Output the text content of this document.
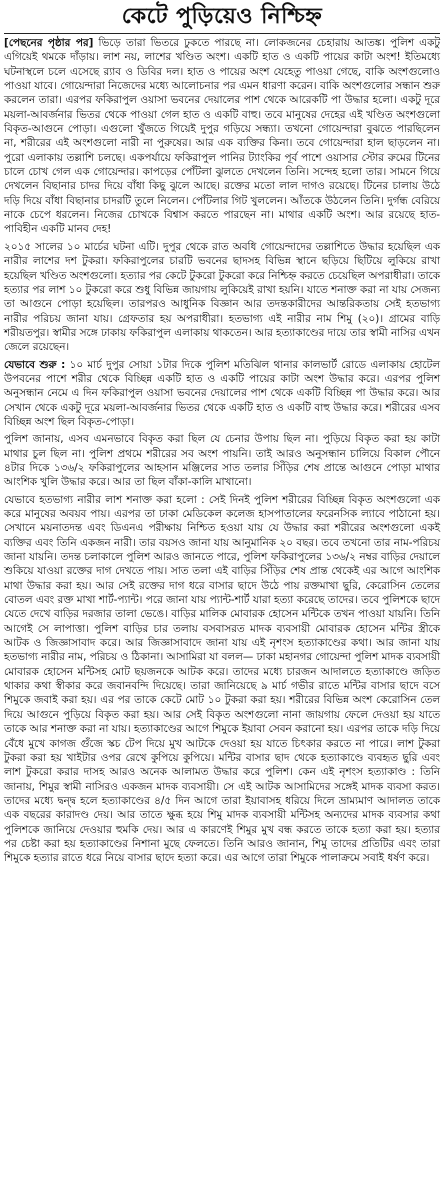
কেটে পুড়িয়েও নিশ্চিহ্ন

[পেছনের পৃষ্ঠার পর] ভিড়ে তারা ভিতরে ঢুকতে পারছে না। লোকজনের চেহারায় আতঙ্ক। পুলিশ একটু এগিয়েই থমকে দাঁড়ায়। লাশ নয়, লাশের খণ্ডিত অংশ। একটি হাত ও একটি পায়ের কাটা অংশ! ইতিমধ্যে ঘটনাস্থলে চলে এসেছে র‍্যাব ও ডিবির দল। হাত ও পায়ের অংশ যেহেতু পাওয়া গেছে, বাকি অংশগুলোও পাওয়া যাবে। গোয়েন্দারা নিজেদের মধ্যে আলোচনার পর এমন ধারণা করেন। বাকি অংশগুলোর সন্ধান শুরু করলেন তারা। এরপর ফকিরাপুল ওয়াসা ভবনের দেয়ালের পাশ থেকে আরেকটি পা উদ্ধার হলো। একটু দূরে ময়লা-আবর্জনার ভিতর থেকে পাওয়া গেল হাত ও একটি বাহু। তবে মানুষের দেহের এই খণ্ডিত অংশগুলো বিকৃত-আগুনে পোড়া। এগুলো খুঁজতে গিয়েই দুপুর গড়িয়ে সন্ধ্যা। তখনো গোয়েন্দারা বুঝতে পারছিলেন না, শরীরের এই অংশগুলো নারী না পুরুষের। আর এক ব্যক্তির কিনা। তবে গোয়েন্দারা হাল ছাড়লেন না। পুরো এলাকায় তল্লাশি চলছে। একপর্যায়ে ফকিরাপুল পানির ট্যাংকির পূর্ব পাশে ওয়াসার স্টোর রুমের টিনের চালে চোখ গেল এক গোয়েন্দার। কাপড়ের পোঁটলা ঝুলতে দেখলেন তিনি। সন্দেহ হলো তার। সামনে গিয়ে দেখলেন বিছানার চাদর দিয়ে বাঁধা কিছু ঝুলে আছে। রক্তের মতো লাল দাগও রয়েছে। টিনের চালায় উঠে দড়ি দিয়ে বাঁধা বিছানার চাদরটি তুলে নিলেন। পোঁটলার গিট খুললেন। আঁতকে উঠলেন তিনি। দুর্গন্ধ বেরিয়ে নাকে চেপে ধরলেন। নিজের চোখকে বিশ্বাস করতে পারছেন না। মাথার একটি অংশ। আর রয়েছে হাত-পাবিহীন একটি মানব দেহ!

২০১৫ সালের ১০ মার্চের ঘটনা এটি। দুপুর থেকে রাত অবধি গোয়েন্দাদের তল্লাশিতে উদ্ধার হয়েছিল এক নারীর লাশের দশ টুকরা। ফকিরাপুলের চারটি ভবনের ছাদসহ বিভিন্ন স্থানে ছড়িয়ে ছিটিয়ে লুকিয়ে রাখা হয়েছিল খণ্ডিত অংশগুলো। হত্যার পর কেটে টুকরো টুকরো করে নিশ্চিহ্ন করতে চেয়েছিল অপরাধীরা। তাকে হত্যার পর লাশ ১০ টুকরো করে শুধু বিভিন্ন জায়গায় লুকিয়েই রাখা হয়নি। যাতে শনাক্ত করা না যায় সেজন্য তা আগুনে পোড়া হয়েছিল। তারপরও আধুনিক বিজ্ঞান আর তদন্তকারীদের আন্তরিকতায় সেই হতভাগ্য নারীর পরিচয় জানা যায়। গ্রেফতার হয় অপরাধীরা। হতভাগ্য এই নারীর নাম শিমু (২০)। গ্রামের বাড়ি শরীয়তপুর। স্বামীর সঙ্গে ঢাকায় ফকিরাপুল এলাকায় থাকতেন। আর হত্যাকাণ্ডের দায়ে তার স্বামী নাসির এখন জেলে রয়েছেন।

যেভাবে শুরু : ১০ মার্চ দুপুর সোয়া ১টার দিকে পুলিশ মতিঝিল থানার কালভার্ট রোডে এলাকায় হোটেল উপবনের পাশে শরীর থেকে বিচ্ছিন্ন একটি হাত ও একটি পায়ের কাটা অংশ উদ্ধার করে। এরপর পুলিশ অনুসন্ধান নেমে এ দিন ফকিরাপুল ওয়াসা ভবনের দেয়ালের পাশ থেকে একটি বিচ্ছিন্ন পা উদ্ধার করে। আর সেখান থেকে একটু দূরে ময়লা-আবর্জনার ভিতর থেকে একটি হাত ও একটি বাহু উদ্ধার করে। শরীরের এসব বিচ্ছিন্ন অংশ ছিল বিকৃত-পোড়া।

পুলিশ জানায়, এসব এমনভাবে বিকৃত করা ছিল যে চেনার উপায় ছিল না। পুড়িয়ে বিকৃত করা হয় কাটা মাথার চুল ছিল না। পুলিশ প্রথমে শরীরের সব অংশ পায়নি। তাই আরও অনুসন্ধান চালিয়ে বিকাল পৌনে ৪টার দিকে ১৩৬/২ ফকিরাপুলের আহসান মঞ্জিলের সাত তলার সিঁড়ির শেষ প্রান্তে আগুনে পোড়া মাথার আংশিক খুলি উদ্ধার করে। আর তা ছিল বাঁকা-কালি মাখানো।

যেভাবে হতভাগ্য নারীর লাশ শনাক্ত করা হলো : সেই দিনই পুলিশ শরীরের বিচ্ছিন্ন বিকৃত অংশগুলো এক করে মানুষের অবয়ব পায়। এরপর তা ঢাকা মেডিকেল কলেজ হাসপাতালের ফরেনসিক ল্যাবে পাঠানো হয়। সেখানে ময়নাতদন্ত এবং ডিএনএ পরীক্ষায় নিশ্চিত হওয়া যায় যে উদ্ধার করা শরীরের অংশগুলো একই ব্যক্তির এবং তিনি একজন নারী। তার বয়সও জানা যায় আনুমানিক ২০ বছর। তবে তখনো তার নাম-পরিচয় জানা যায়নি। তদন্ত চলাকালে পুলিশ আরও জানতে পারে, পুলিশ ফকিরাপুলের ১৩৬/২ নম্বর বাড়ির দেয়ালে শুকিয়ে যাওয়া রক্তের দাগ দেখতে পায়। সাত তলা এই বাড়ির সিঁড়ির শেষ প্রান্ত থেকেই এর আগে আংশিক মাথা উদ্ধার করা হয়। আর সেই রক্তের দাগ ধরে বাসার ছাদে উঠে পায় রক্তমাখা ছুরি, কেরোসিন তেলের বোতল এবং রক্ত মাখা শার্ট-প্যান্ট। পরে জানা যায় প্যান্ট-শার্ট যারা হত্যা করেছে তাদের। তবে পুলিশকে ছাদে যেতে দেখে বাড়ির দরজার তালা ভেঙে। বাড়ির মালিক মোবারক হোসেন মন্টিকে তখন পাওয়া যায়নি। তিনি আগেই সে লাপাত্তা। পুলিশ বাড়ির চার তলায় বসবাসরত মাদক ব্যবসায়ী মোবারক হোসেন মন্টির স্ত্রীকে আটক ও জিজ্ঞাসাবাদ করে। আর জিজ্ঞাসাবাদে জানা যায় এই নৃশংস হত্যাকাণ্ডের কথা। আর জানা যায় হতভাগ্য নারীর নাম, পরিচয় ও ঠিকানা। আসামিরা যা বলল— ঢাকা মহানগর গোয়েন্দা পুলিশ মাদক ব্যবসায়ী মোবারক হোসেন মন্টিসহ মোট ছয়জনকে আটক করে। তাদের মধ্যে চারজন আদালতে হত্যাকাণ্ডে জড়িত থাকার কথা স্বীকার করে জবানবন্দি দিয়েছে। তারা জানিয়েছে ৯ মার্চ গভীর রাতে মন্টির বাসার ছাদে বসে শিমুকে জবাই করা হয়। এর পর তাকে কেটে মোট ১০ টুকরা করা হয়। শরীরের বিভিন্ন অংশ কেরোসিন তেল দিয়ে আগুনে পুড়িয়ে বিকৃত করা হয়। আর সেই বিকৃত অংশগুলো নানা জায়গায় ফেলে দেওয়া হয় যাতে তাকে আর শনাক্ত করা না যায়। হত্যাকাণ্ডের আগে শিমুকে ইয়াবা সেবন করানো হয়। এরপর তাকে দড়ি দিয়ে বেঁধে মুখে কাগজ গুঁজে স্কচ টেপ দিয়ে মুখ আটকে দেওয়া হয় যাতে চিৎকার করতে না পারে। লাশ টুকরা টুকরা করা হয় খাইটার ওপর রেখে কুপিয়ে কুপিয়ে। মন্টির বাসার ছাদ থেকে হত্যাকাণ্ডে ব্যবহৃত ছুরি এবং লাশ টুকরো করার দাসহ আরও অনেক আলামত উদ্ধার করে পুলিশ। কেন এই নৃশংস হত্যাকাণ্ড : তিনি জানায়, শিমুর স্বামী নাসিরও একজন মাদক ব্যবসায়ী। সে এই আটক আসামিদের সঙ্গেই মাদক ব্যবসা করত। তাদের মধ্যে দ্বন্দ্ব হলে হত্যাকাণ্ডের ৪/৫ দিন আগে তারা ইয়াবাসহ ধরিয়ে দিলে ভ্রাম্যমাণ আদালত তাকে এক বছরের কারাদণ্ড দেয়। আর তাতে ক্ষুব্ধ হয়ে শিমু মাদক ব্যবসায়ী মন্টিসহ অন্যদের মাদক ব্যবসার কথা পুলিশকে জানিয়ে দেওয়ার হুমকি দেয়। আর এ কারণেই শিমুর মুখ বন্ধ করতে তাকে হত্যা করা হয়। হত্যার পর চেষ্টা করা হয় হত্যাকাণ্ডের নিশানা মুছে ফেলতে। তিনি আরও জানান, শিমু তাদের প্রতিটির এবং তারা শিমুকে হত্যার রাতে ধরে নিয়ে বাসার ছাদে হত্যা করে। এর আগে তারা শিমুকে পালাক্রমে সবাই ধর্ষণ করে।
